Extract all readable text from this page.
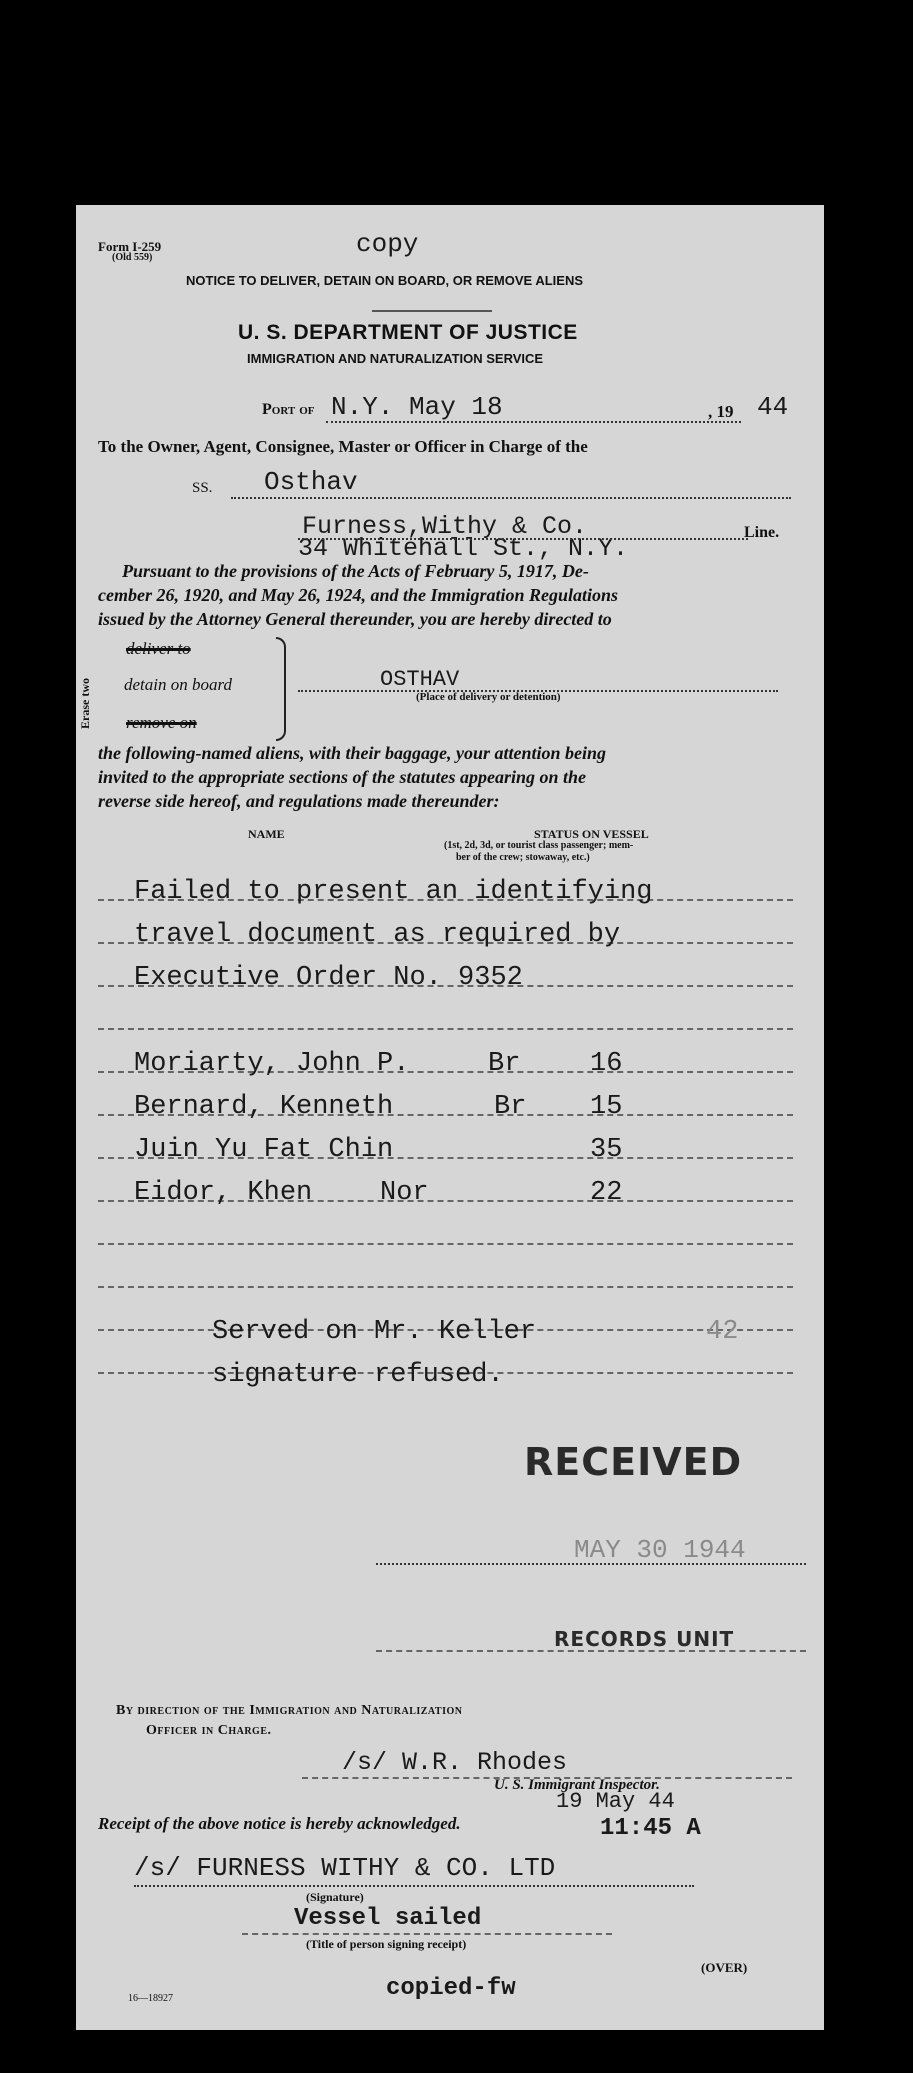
Form I-259
(Old 559)	copy
NOTICE TO DELIVER, DETAIN ON BOARD, OR REMOVE ALIENS
U. S. DEPARTMENT OF JUSTICE
IMMIGRATION AND NATURALIZATION SERVICE
Port of N.Y. May 18	, 19 44
To the Owner, Agent, Consignee, Master or Officer in Charge of the
SS. Osthav
Furness,Withy & Co.
34 Whitehall St., N.Y.
Line.
Pursuant to the provisions of the Acts of February 5, 1917, De-
cember 26, 1920, and May 26, 1924, and the Immigration Regulations
issued by the Attorney General thereunder, you are hereby directed to
Erase two
deliver to
detain on board
remove on
OSTHAV
(Place of delivery or detention)
the following-named aliens, with their baggage, your attention being
invited to the appropriate sections of the statutes appearing on the
reverse side hereof, and regulations made thereunder:
NAME	STATUS ON VESSEL
(1st, 2d, 3d, or tourist class passenger; mem-
ber of the crew; stowaway, etc.)
Failed to present an identifying
travel document as required by
Executive Order No. 9352
Moriarty, John P.	Br	16
Bernard, Kenneth	Br 15
Juin Yu Fat Chin	35
Eidor, Khen	Nor	22
Served on Mr. Keller	42
signature refused.
RECEIVED
MAY 30 1944
RECORDS UNIT
By direction of the Immigration and Naturalization
Officer in Charge.
/s/ W.R. Rhodes
U. S. Immigrant Inspector.
19 May 44
Receipt of the above notice is hereby acknowledged.	11:45 A
/s/ FURNESS WITHY & CO. LTD
(Signature)
Vessel sailed
(Title of person signing receipt)
16—18927	copied-fw
(OVER)
